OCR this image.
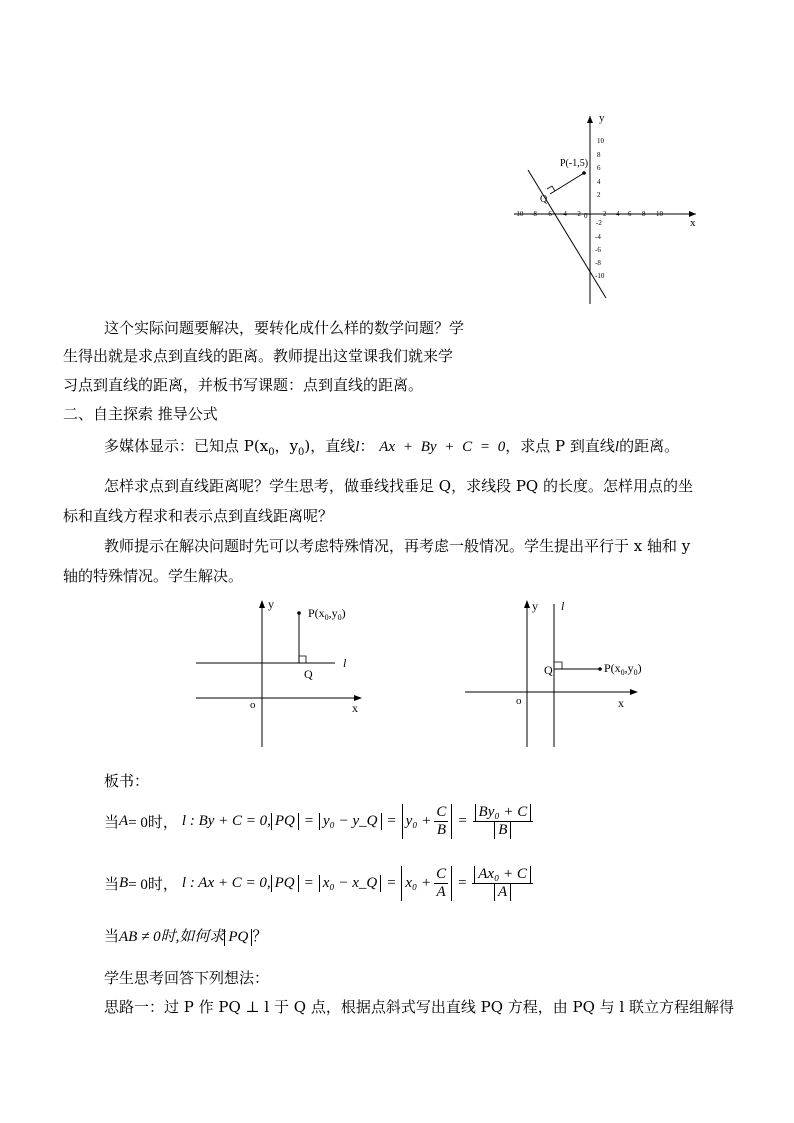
x
y
-10 -8 -6 -4 -2 0 2 4 6 8 10
10
8
6
4
2
-2
-4
-6
-8
-10
P(-1,5)
Q
这个实际问题要解决，要转化成什么样的数学问题？学
生得出就是求点到直线的距离。教师提出这堂课我们就来学
习点到直线的距离，并板书写课题：点到直线的距离。
二、自主探索 推导公式
多媒体显示：已知点 $P(x_0$，$y_0$)，直线l： Ax + By + C = 0，求点 P 到直线l的距离。
怎样求点到直线距离呢？学生思考，做垂线找垂足 Q，求线段 PQ 的长度。怎样用点的坐
标和直线方程求和表示点到直线距离呢？
教师提示在解决问题时先可以考虑特殊情况，再考虑一般情况。学生提出平行于 x 轴和 y
轴的特殊情况。学生解决。
y
x
o
Q
l
$P(x_0,y_0)$	y
x
o
Q
l
$P(x_0,y_0)$
板书：
当 A = 0时， l : By + C = 0, PQ = y₀ − y_Q = $y_0 + \frac{C}{B} = \frac{\text{By₀ + C}}{B}$
当 B = 0时， l : Ax + C = 0, PQ = x₀ − x_Q = $x_0 + \frac{C}{A} = \frac{\text{Ax₀ + C}}{A}$
当AB ≠ 0时,如何求 PQ ？
学生思考回答下列想法：
思路一：过 P 作 PQ ⊥ l 于 Q 点，根据点斜式写出直线 PQ 方程，由 PQ 与 l 联立方程组解得
